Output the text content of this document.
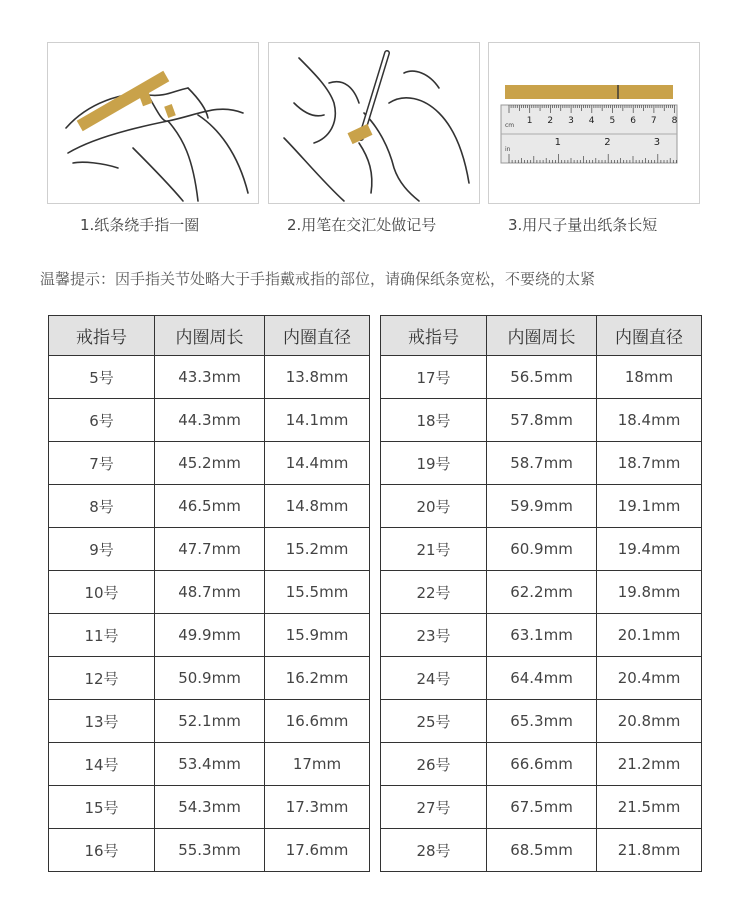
1.纸条绕手指一圈	2.用笔在交汇处做记号
1 2 3 4 5 6 7 8
1	2	3
cm
in
3.用尺子量出纸条长短
温馨提示：因手指关节处略大于手指戴戒指的部位，请确保纸条宽松，不要绕的太紧
戒指号	内圈周长	内圈直径
5号	43.3mm	13.8mm
6号	44.3mm	14.1mm
7号	45.2mm	14.4mm
8号	46.5mm	14.8mm
9号	47.7mm	15.2mm
10号	48.7mm	15.5mm
11号	49.9mm	15.9mm
12号	50.9mm	16.2mm
13号	52.1mm	16.6mm
14号	53.4mm	17mm
15号	54.3mm	17.3mm
16号	55.3mm	17.6mm
戒指号	内圈周长	内圈直径
17号	56.5mm	18mm
18号	57.8mm	18.4mm
19号	58.7mm	18.7mm
20号	59.9mm	19.1mm
21号	60.9mm	19.4mm
22号	62.2mm	19.8mm
23号	63.1mm	20.1mm
24号	64.4mm	20.4mm
25号	65.3mm	20.8mm
26号	66.6mm	21.2mm
27号	67.5mm	21.5mm
28号	68.5mm	21.8mm
